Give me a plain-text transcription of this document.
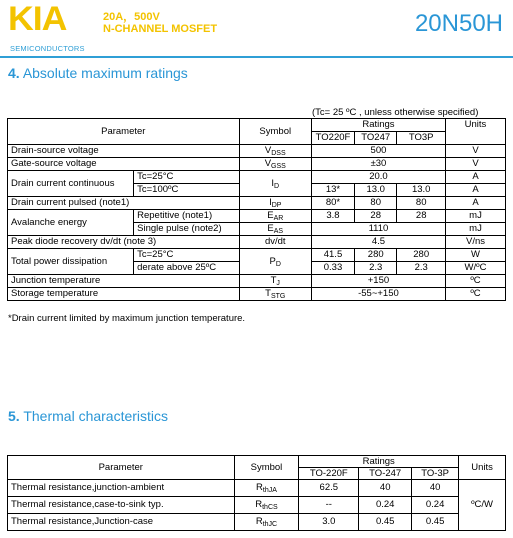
KIA
SEMICONDUCTORS
20A，500V
N-CHANNEL MOSFET	20N50H
4. Absolute maximum ratings
(Tc= 25 ºC , unless otherwise specified)
Parameter		Symbol	Ratings			Units
			TO220F	TO247	TO3P	
Drain-source voltage		$V_{DSS}$	500			V
Gate-source voltage		$V_{GSS}$	±30			V
Drain current continuous	Tc=25°C	$I_D$	20.0			A
	Tc=100ºC		13*	13.0	13.0	A
Drain current pulsed (note1)		$I_{DP}$	80*	80	80	A
Avalanche energy	Repetitive (note1)	$E_{AR}$	3.8	28	28	mJ
	Single pulse (note2)	$E_{AS}$	1110			mJ
Peak diode recovery dv/dt (note 3)		dv/dt	4.5			V/ns
Total power dissipation	Tc=25°C	$P_D$	41.5	280	280	W
	derate above 25ºC		0.33	2.3	2.3	W/ºC
Junction temperature		$T_J$	+150			ºC
Storage temperature		$T_{STG}$	-55~+150			ºC
*Drain current limited by maximum junction temperature.
5. Thermal characteristics
Parameter	Symbol	Ratings			Units
		TO-220F	TO-247	TO-3P	
Thermal resistance,junction-ambient	$R_{thJA}$	62.5	40	40	ºC/W
Thermal resistance,case-to-sink typ.	$R_{thCS}$	--	0.24	0.24	
Thermal resistance,Junction-case	$R_{thJC}$	3.0	0.45	0.45	
